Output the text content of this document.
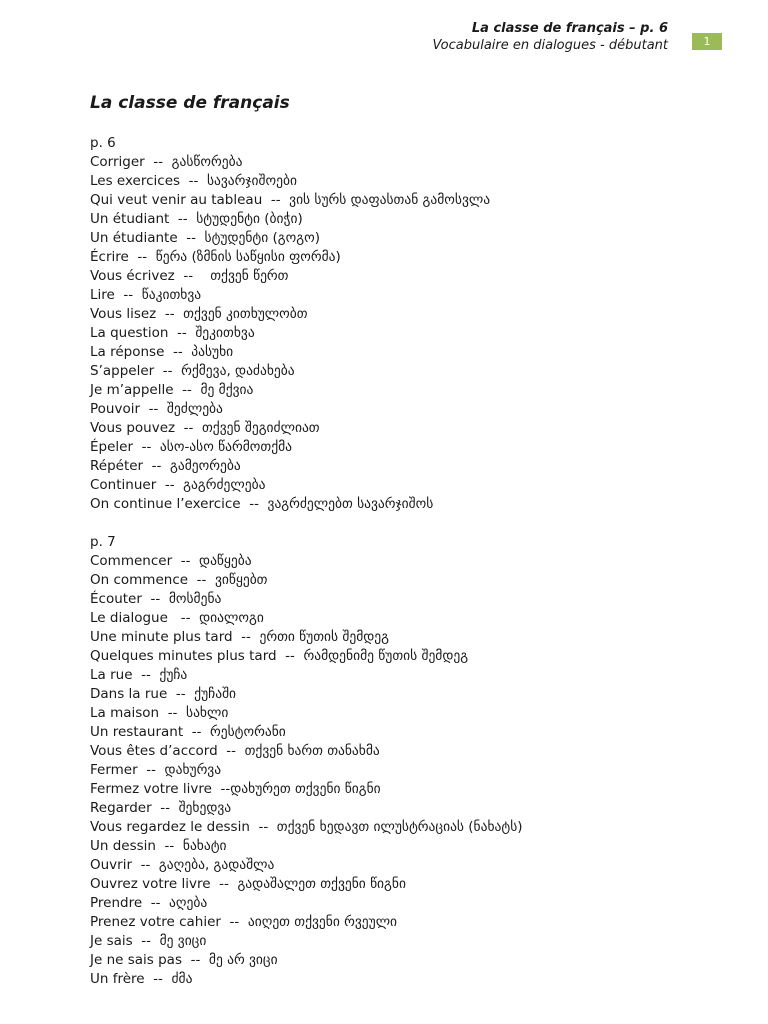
La classe de français – p. 6
Vocabulaire en dialogues - débutant	1
La classe de français
p. 6
Corriger  --  გასწორება
Les exercices  --  სავარჯიშოები
Qui veut venir au tableau  --  ვის სურს დაფასთან გამოსვლა
Un étudiant  --  სტუდენტი (ბიჭი)
Un étudiante  --  სტუდენტი (გოგო)
Écrire  --  წერა (ზმნის საწყისი ფორმა)
Vous écrivez  --    თქვენ წერთ
Lire  --  წაკითხვა
Vous lisez  --  თქვენ კითხულობთ
La question  --  შეკითხვა
La réponse  --  პასუხი
S’appeler  --  რქმევა, დაძახება
Je m’appelle  --  მე მქვია
Pouvoir  --  შეძლება
Vous pouvez  --  თქვენ შეგიძლიათ
Épeler  --  ასო-ასო წარმოთქმა
Répéter  --  გამეორება
Continuer  --  გაგრძელება
On continue l’exercice  --  ვაგრძელებთ სავარჯიშოს
p. 7
Commencer  --  დაწყება
On commence  --  ვიწყებთ
Écouter  --  მოსმენა
Le dialogue   --  დიალოგი
Une minute plus tard  --  ერთი წუთის შემდეგ
Quelques minutes plus tard  --  რამდენიმე წუთის შემდეგ
La rue  --  ქუჩა
Dans la rue  --  ქუჩაში
La maison  --  სახლი
Un restaurant  --  რესტორანი
Vous êtes d’accord  --  თქვენ ხართ თანახმა
Fermer  --  დახურვა
Fermez votre livre  --დახურეთ თქვენი წიგნი
Regarder  --  შეხედვა
Vous regardez le dessin  --  თქვენ ხედავთ ილუსტრაციას (ნახატს)
Un dessin  --  ნახატი
Ouvrir  --  გაღება, გადაშლა
Ouvrez votre livre  --  გადაშალეთ თქვენი წიგნი
Prendre  --  აღება
Prenez votre cahier  --  აიღეთ თქვენი რვეული
Je sais  --  მე ვიცი
Je ne sais pas  --  მე არ ვიცი
Un frère  --  ძმა
